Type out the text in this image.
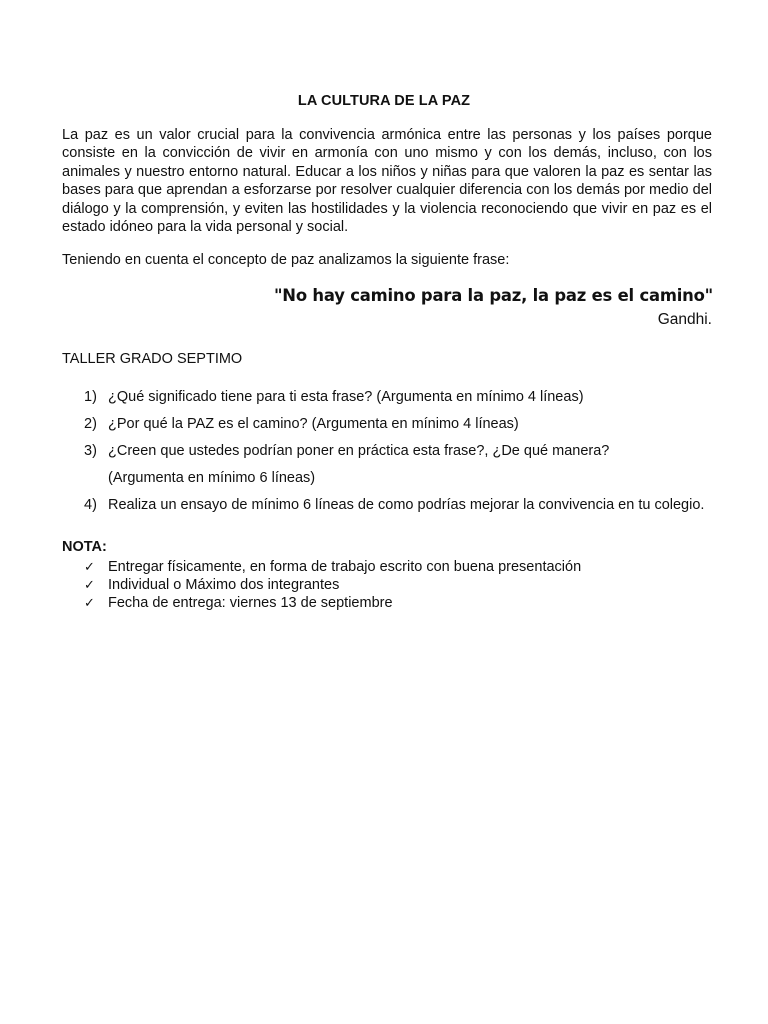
LA CULTURA DE LA PAZ

La paz es un valor crucial para la convivencia armónica entre las personas y los países porque consiste en la convicción de vivir en armonía con uno mismo y con los demás, incluso, con los animales y nuestro entorno natural. Educar a los niños y niñas para que valoren la paz es sentar las bases para que aprendan a esforzarse por resolver cualquier diferencia con los demás por medio del diálogo y la comprensión, y eviten las hostilidades y la violencia reconociendo que vivir en paz es el estado idóneo para la vida personal y social.

Teniendo en cuenta el concepto de paz analizamos la siguiente frase:

"No hay camino para la paz, la paz es el camino"
Gandhi.
TALLER GRADO SEPTIMO
1) ¿Qué significado tiene para ti esta frase? (Argumenta en mínimo 4 líneas)
2) ¿Por qué la PAZ es el camino? (Argumenta en mínimo 4 líneas)
3) ¿Creen que ustedes podrían poner en práctica esta frase?, ¿De qué manera?
(Argumenta en mínimo 6 líneas)
4) Realiza un ensayo de mínimo 6 líneas de como podrías mejorar la convivencia en tu colegio.
NOTA:
✓ Entregar físicamente, en forma de trabajo escrito con buena presentación
✓ Individual o Máximo dos integrantes
✓ Fecha de entrega: viernes 13 de septiembre
